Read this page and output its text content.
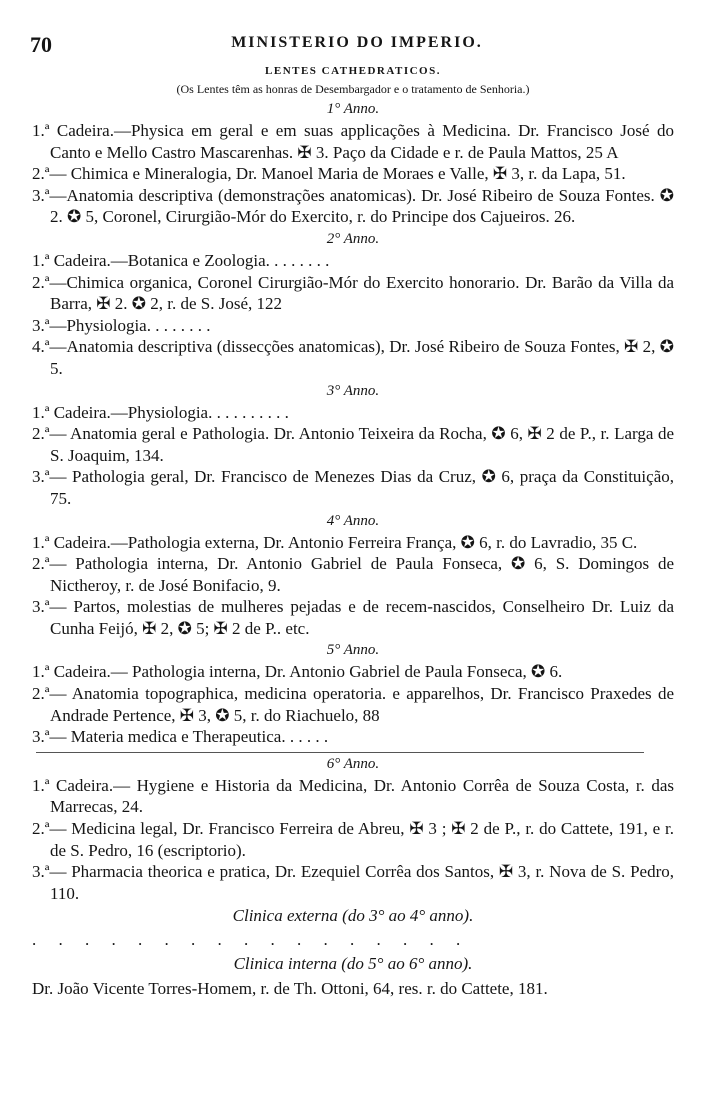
70	MINISTERIO DO IMPERIO.
LENTES CATHEDRATICOS.
(Os Lentes têm as honras de Desembargador e o tratamento de Senhoria.)
1° Anno.
1.ª Cadeira.—Physica em geral e em suas applicações à Medicina. Dr. Francisco José do Canto e Mello Castro Mascarenhas. ✠ 3. Paço da Cidade e r. de Paula Mattos, 25 A
2.ª— Chimica e Mineralogia, Dr. Manoel Maria de Moraes e Valle, ✠ 3, r. da Lapa, 51.
3.ª—Anatomia descriptiva (demonstrações anatomicas). Dr. José Ribeiro de Souza Fontes. ✪ 2. ✪ 5, Coronel, Cirurgião-Mór do Exercito, r. do Principe dos Cajueiros. 26.
2° Anno.
1.ª Cadeira.—Botanica e Zoologia. . . . . . . .
2.ª—Chimica organica, Coronel Cirurgião-Mór do Exercito honorario. Dr. Barão da Villa da Barra, ✠ 2. ✪ 2, r. de S. José, 122
3.ª—Physiologia. . . . . . . .
4.ª—Anatomia descriptiva (dissecções anatomicas), Dr. José Ribeiro de Souza Fontes, ✠ 2, ✪ 5.
3° Anno.
1.ª Cadeira.—Physiologia. . . . . . . . . .
2.ª— Anatomia geral e Pathologia. Dr. Antonio Teixeira da Rocha, ✪ 6, ✠ 2 de P., r. Larga de S. Joaquim, 134.
3.ª— Pathologia geral, Dr. Francisco de Menezes Dias da Cruz, ✪ 6, praça da Constituição, 75.
4° Anno.
1.ª Cadeira.—Pathologia externa, Dr. Antonio Ferreira França, ✪ 6, r. do Lavradio, 35 C.
2.ª— Pathologia interna, Dr. Antonio Gabriel de Paula Fonseca, ✪ 6, S. Domingos de Nictheroy, r. de José Bonifacio, 9.
3.ª— Partos, molestias de mulheres pejadas e de recem-nascidos, Conselheiro Dr. Luiz da Cunha Feijó, ✠ 2, ✪ 5; ✠ 2 de P.. etc.
5° Anno.
1.ª Cadeira.— Pathologia interna, Dr. Antonio Gabriel de Paula Fonseca, ✪ 6.
2.ª— Anatomia topographica, medicina operatoria. e apparelhos, Dr. Francisco Praxedes de Andrade Pertence, ✠ 3, ✪ 5, r. do Riachuelo, 88
3.ª— Materia medica e Therapeutica. . . . . .
6° Anno.
1.ª Cadeira.— Hygiene e Historia da Medicina, Dr. Antonio Corrêa de Souza Costa, r. das Marrecas, 24.
2.ª— Medicina legal, Dr. Francisco Ferreira de Abreu, ✠ 3 ; ✠ 2 de P., r. do Cattete, 191, e r. de S. Pedro, 16 (escriptorio).
3.ª— Pharmacia theorica e pratica, Dr. Ezequiel Corrêa dos Santos, ✠ 3, r. Nova de S. Pedro, 110.
Clinica externa (do 3° ao 4° anno).
. . . . . . . . . . . . . . . . .
Clinica interna (do 5° ao 6° anno).
Dr. João Vicente Torres-Homem, r. de Th. Ottoni, 64, res. r. do Cattete, 181.
